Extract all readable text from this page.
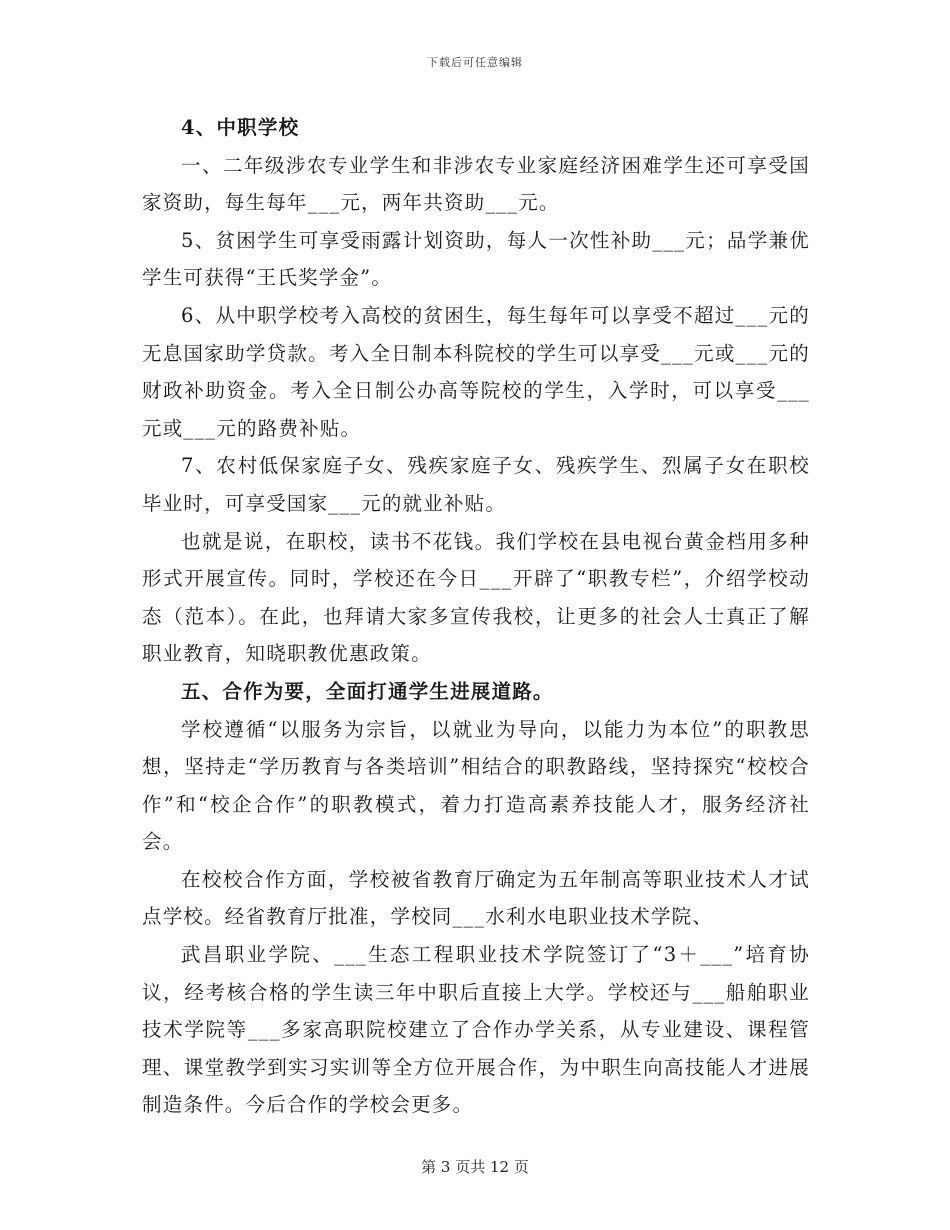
下载后可任意编辑

4、中职学校

一、二年级涉农专业学生和非涉农专业家庭经济困难学生还可享受国家资助，每生每年___元，两年共资助___元。

5、贫困学生可享受雨露计划资助，每人一次性补助___元；品学兼优学生可获得“王氏奖学金”。

6、从中职学校考入高校的贫困生，每生每年可以享受不超过___元的无息国家助学贷款。考入全日制本科院校的学生可以享受___元或___元的财政补助资金。考入全日制公办高等院校的学生，入学时，可以享受___元或___元的路费补贴。

7、农村低保家庭子女、残疾家庭子女、残疾学生、烈属子女在职校毕业时，可享受国家___元的就业补贴。

也就是说，在职校，读书不花钱。我们学校在县电视台黄金档用多种形式开展宣传。同时，学校还在今日___开辟了“职教专栏”，介绍学校动态（范本）。在此，也拜请大家多宣传我校，让更多的社会人士真正了解职业教育，知晓职教优惠政策。

五、合作为要，全面打通学生进展道路。

学校遵循“以服务为宗旨，以就业为导向，以能力为本位”的职教思想，坚持走“学历教育与各类培训”相结合的职教路线，坚持探究“校校合作”和“校企合作”的职教模式，着力打造高素养技能人才，服务经济社会。

在校校合作方面，学校被省教育厅确定为五年制高等职业技术人才试点学校。经省教育厅批准，学校同___水利水电职业技术学院、

武昌职业学院、___生态工程职业技术学院签订了“3＋___”培育协议，经考核合格的学生读三年中职后直接上大学。学校还与___船舶职业技术学院等___多家高职院校建立了合作办学关系，从专业建设、课程管理、课堂教学到实习实训等全方位开展合作，为中职生向高技能人才进展制造条件。今后合作的学校会更多。

第 3 页共 12 页
